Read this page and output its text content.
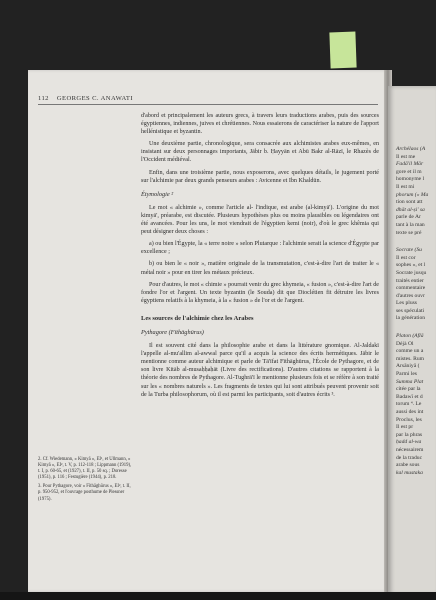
112 GEORGES C. ANAWATI

d'abord et principalement les auteurs grecs, à travers leurs traductions arabes, puis des sources égyptiennes, indiennes, juives et chrétiennes. Nous essaierons de caractériser la nature de l'apport hellénistique et byzantin.

Une deuxième partie, chronologique, sera consacrée aux alchimistes arabes eux-mêmes, en insistant sur deux personnages importants, Jābir b. Ḥayyān et Abū Bakr al-Rāzī, le Rhazès de l'Occident médiéval.

Enfin, dans une troisième partie, nous exposerons, avec quelques détails, le jugement porté sur l'alchimie par deux grands penseurs arabes : Avicenne et Ibn Khaldūn.

Étymologie ²

Le mot « alchimie », comme l'article al- l'indique, est arabe (al-kimyā'). L'origine du mot kimyā', préarabe, est discutée. Plusieurs hypothèses plus ou moins plausibles ou légendaires ont été avancées. Pour les uns, le mot viendrait de l'égyptien kemi (noir), d'où le grec khêmia qui peut désigner deux choses :

a) ou bien l'Égypte, la « terre noire » selon Plutarque : l'alchimie serait la science d'Égypte par excellence ;

b) ou bien le « noir », matière originale de la transmutation, c'est-à-dire l'art de traiter le « métal noir » pour en tirer les métaux précieux.

Pour d'autres, le mot « chimie » pourrait venir du grec khymeia, « fusion », c'est-à-dire l'art de fondre l'or et l'argent. Un texte byzantin (le Souda) dit que Dioclétien fit détruire les livres égyptiens relatifs à la khymeia, à la « fusion » de l'or et de l'argent.

Les sources de l'alchimie chez les Arabes
Pythagore (Fīthāghūrus)

Il est souvent cité dans la philosophie arabe et dans la littérature gnomique. Al-Jaldakī l'appelle al-mu'allim al-awwal parce qu'il a acquis la science des écrits hermétiques. Jābir le mentionne comme auteur alchimique et parle de Tā'īfat Fīthāghūrus, l'École de Pythagore, et de son livre Kitāb al-musaḥḥaḥāt (Livre des rectifications). D'autres citations se rapportent à la théorie des nombres de Pythagore. Al-Tughrā'ī le mentionne plusieurs fois et se réfère à son traité sur les « nombres naturels ». Les fragments de textes qui lui sont attribués peuvent provenir soit de la Turba philosophorum, où il est parmi les participants, soit d'autres écrits ³.

2. Cf. Wiedemann, « Kimyā », EI¹, et Ullmann, « Kimyā », EI², t. V, p. 112-118 ; Lippmann (1919), t. I, p. 60-65, et (1927), t. II, p. 50 sq. ; Doresse (1951), p. 116 ; Festugière (1944), p. 218.

3. Pour Pythagore, voir « Fīthāghūrus », EI², t. II, p. 950-952, et l'ouvrage posthume de Plessner (1975).

Archélaos (A
Il est me
Fadā'il Mār
gore et il m
homonyme l
Il est mi
phorum (« Ma
tion sont att
dhāt al-ṣi' sa
parle de Ar
tant à la man
texte se pré
Socrate (Su
Il est cor
sophes », et l
Socrate jusqu
traités entier
commentaire
d'autres ouvr
Les pluss
ses spéculati
la génération
Platon (Aflā
Déjà Ol
comme un a
mistes. Rum
Arsāniyā (
Parmi les
Summa Plat
citée par la
Badawī et d
torum ⁴. Le
aussi des int
Proclus, les
Il est pr
par la phras
ḥadd al-wa
nécessairem
de la traduc
arabe sous
kal mustaka
